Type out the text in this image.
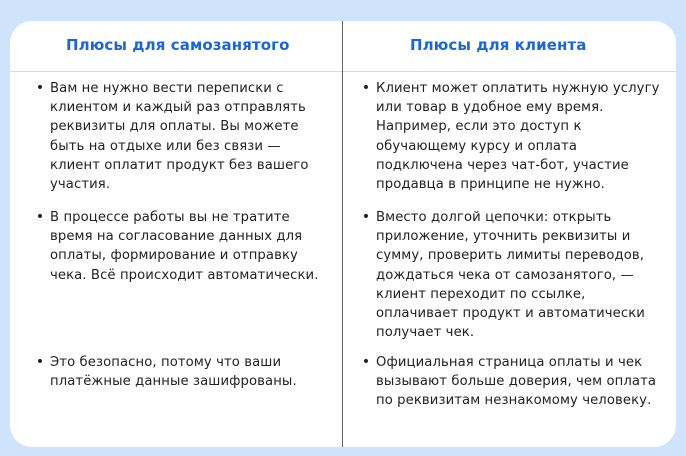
Плюсы для самозанятого	Плюсы для клиента
• Вам не нужно вести переписки с клиентом и каждый раз отправлять реквизиты для оплаты. Вы можете быть на отдыхе или без связи — клиент оплатит продукт без вашего участия.
• В процессе работы вы не тратите время на согласование данных для оплаты, формирование и отправку чека. Всё происходит автоматически.
• Это безопасно, потому что ваши платёжные данные зашифрованы.
• Клиент может оплатить нужную услугу или товар в удобное ему время. Например, если это доступ к обучающему курсу и оплата подключена через чат-бот, участие продавца в принципе не нужно.
• Вместо долгой цепочки: открыть приложение, уточнить реквизиты и сумму, проверить лимиты переводов, дождаться чека от самозанятого, — клиент переходит по ссылке, оплачивает продукт и автоматически получает чек.
• Официальная страница оплаты и чек вызывают больше доверия, чем оплата по реквизитам незнакомому человеку.
